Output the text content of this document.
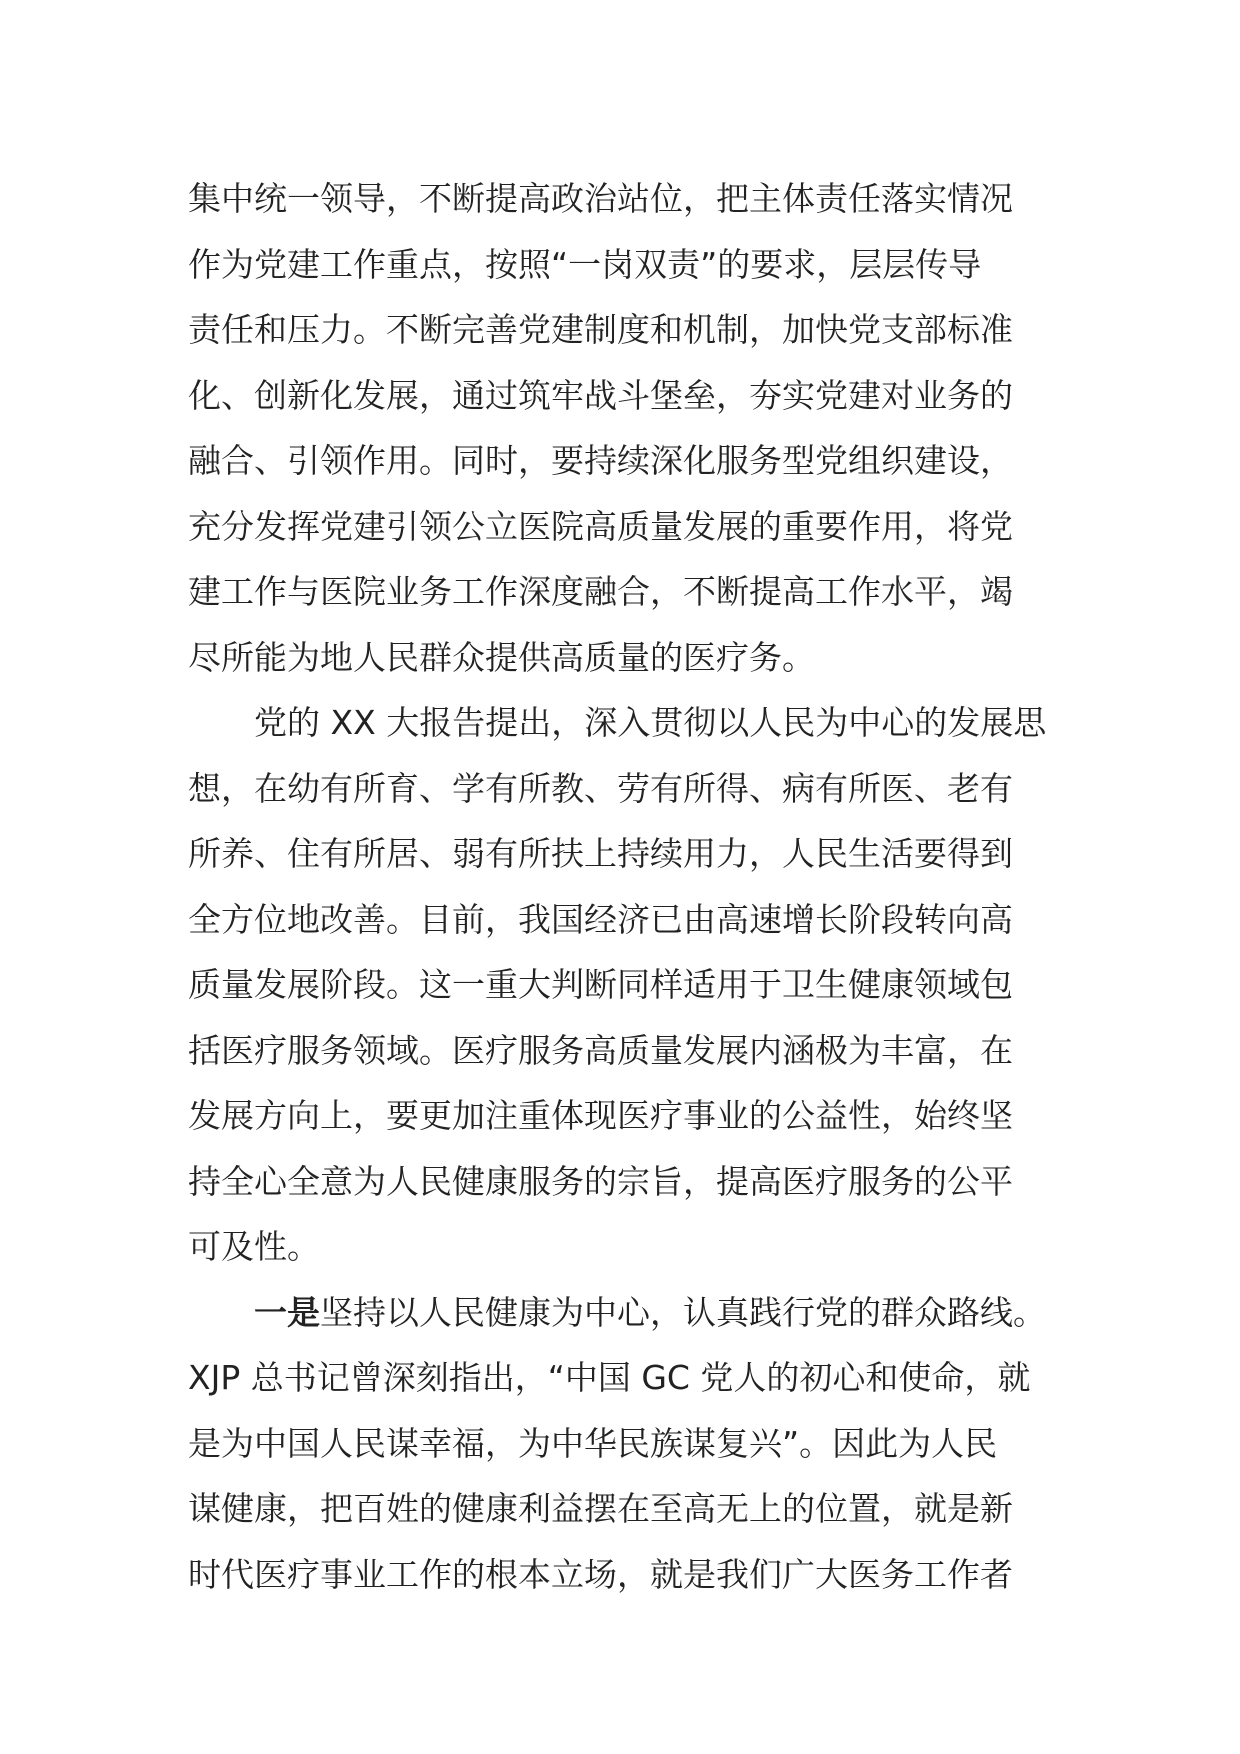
集中统一领导，不断提高政治站位，把主体责任落实情况
作为党建工作重点，按照“一岗双责”的要求，层层传导
责任和压力。不断完善党建制度和机制，加快党支部标准
化、创新化发展，通过筑牢战斗堡垒，夯实党建对业务的
融合、引领作用。同时，要持续深化服务型党组织建设，
充分发挥党建引领公立医院高质量发展的重要作用，将党
建工作与医院业务工作深度融合，不断提高工作水平，竭
尽所能为地人民群众提供高质量的医疗务。
党的 XX 大报告提出，深入贯彻以人民为中心的发展思
想，在幼有所育、学有所教、劳有所得、病有所医、老有
所养、住有所居、弱有所扶上持续用力，人民生活要得到
全方位地改善。目前，我国经济已由高速增长阶段转向高
质量发展阶段。这一重大判断同样适用于卫生健康领域包
括医疗服务领域。医疗服务高质量发展内涵极为丰富，在
发展方向上，要更加注重体现医疗事业的公益性，始终坚
持全心全意为人民健康服务的宗旨，提高医疗服务的公平
可及性。
一是坚持以人民健康为中心，认真践行党的群众路线。
XJP 总书记曾深刻指出，“中国 GC 党人的初心和使命，就
是为中国人民谋幸福，为中华民族谋复兴”。因此为人民
谋健康，把百姓的健康利益摆在至高无上的位置，就是新
时代医疗事业工作的根本立场，就是我们广大医务工作者
